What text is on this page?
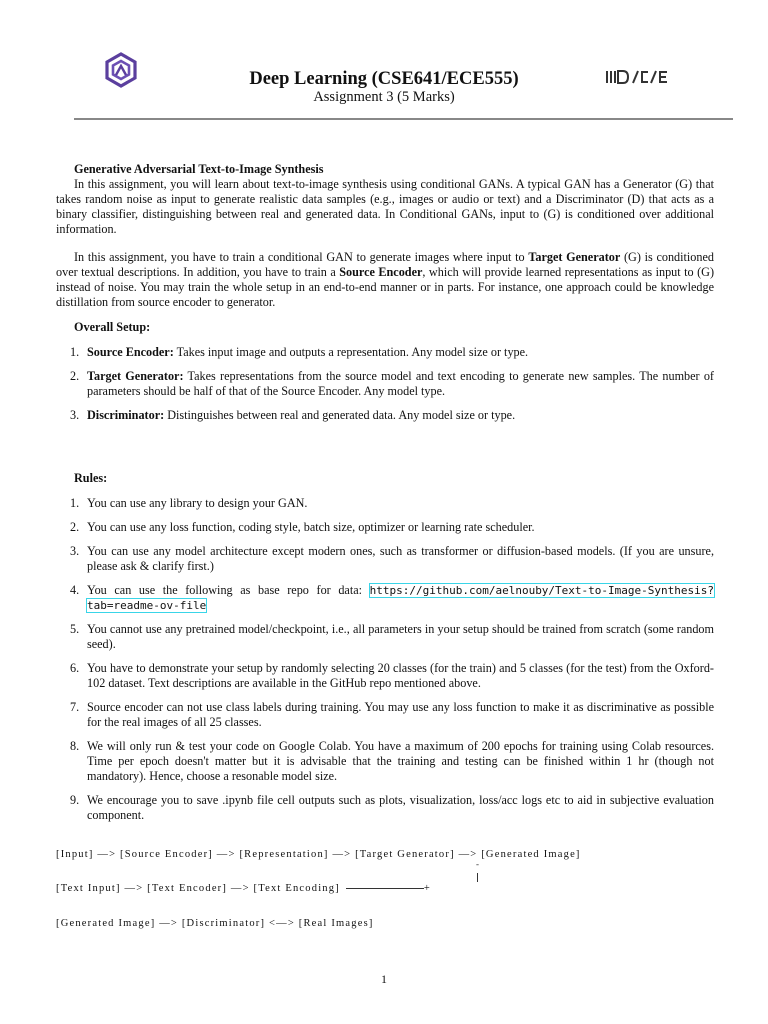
Deep Learning (CSE641/ECE555)
Assignment 3 (5 Marks)
Generative Adversarial Text-to-Image Synthesis
In this assignment, you will learn about text-to-image synthesis using conditional GANs. A typical GAN has a Generator (G) that takes random noise as input to generate realistic data samples (e.g., images or audio or text) and a Discriminator (D) that acts as a binary classifier, distinguishing between real and generated data. In Conditional GANs, input to (G) is conditioned over additional information.
In this assignment, you have to train a conditional GAN to generate images where input to Target Generator (G) is conditioned over textual descriptions. In addition, you have to train a Source Encoder, which will provide learned representations as input to (G) instead of noise. You may train the whole setup in an end-to-end manner or in parts. For instance, one approach could be knowledge distillation from source encoder to generator.
Overall Setup:
1. Source Encoder: Takes input image and outputs a representation. Any model size or type.
2. Target Generator: Takes representations from the source model and text encoding to generate new samples. The number of parameters should be half of that of the Source Encoder. Any model type.
3. Discriminator: Distinguishes between real and generated data. Any model size or type.
Rules:
1. You can use any library to design your GAN.
2. You can use any loss function, coding style, batch size, optimizer or learning rate scheduler.
3. You can use any model architecture except modern ones, such as transformer or diffusion-based models. (If you are unsure, please ask & clarify first.)
4. You can use the following as base repo for data: https://github.com/aelnouby/Text-to-Image-Synthesis? tab=readme-ov-file
5. You cannot use any pretrained model/checkpoint, i.e., all parameters in your setup should be trained from scratch (some random seed).
6. You have to demonstrate your setup by randomly selecting 20 classes (for the train) and 5 classes (for the test) from the Oxford-102 dataset. Text descriptions are available in the GitHub repo mentioned above.
7. Source encoder can not use class labels during training. You may use any loss function to make it as discriminative as possible for the real images of all 25 classes.
8. We will only run & test your code on Google Colab. You have a maximum of 200 epochs for training using Colab resources. Time per epoch doesn't matter but it is advisable that the training and testing can be finished within 1 hr (though not mandatory). Hence, choose a resonable model size.
9. We encourage you to save .ipynb file cell outputs such as plots, visualization, loss/acc logs etc to aid in subjective evaluation component.
[Input] —> [Source Encoder] —> [Representation] —> [Target Generator] —> [Generated Image]
-
[Text Input] —> [Text Encoder] —> [Text Encoding]	+
[Generated Image] —> [Discriminator] <—> [Real Images]
1
